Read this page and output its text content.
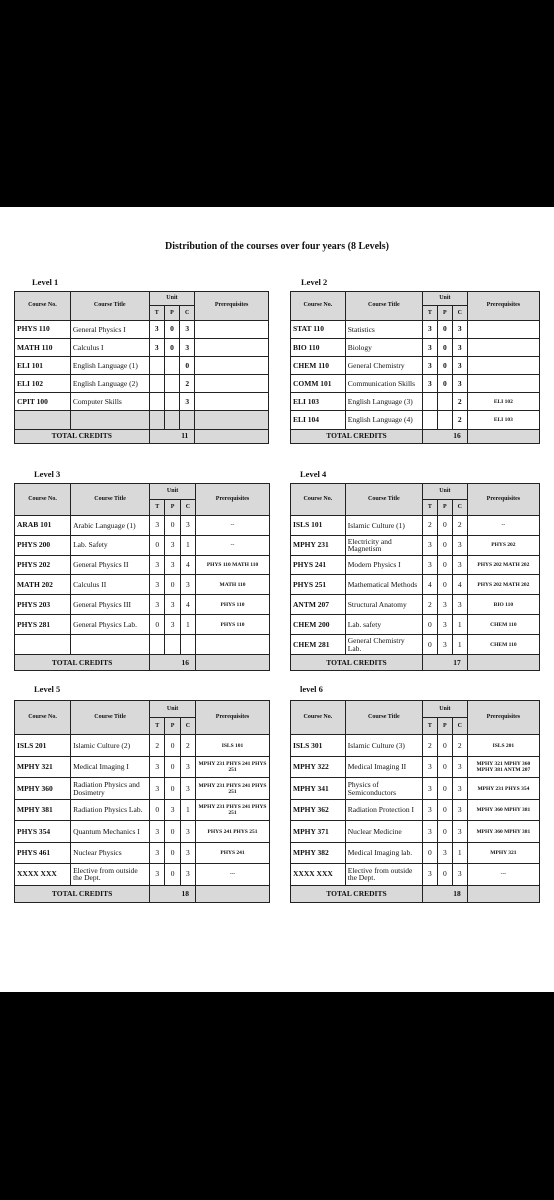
Distribution of the courses over four years (8 Levels)
Level 1
Course No.	Course Title	Unit			Prerequisites
		T	P	C	
PHYS 110	General Physics I	3	0	3	
MATH 110	Calculus I	3	0	3	
ELI 101	English Language (1)			0	
ELI 102	English Language (2)			2	
CPIT 100	Computer Skills			3	

TOTAL CREDITS		11			
Level 2
Course No.	Course Title	Unit			Prerequisites
		T	P	C	
STAT 110	Statistics	3	0	3	
BIO 110	Biology	3	0	3	
CHEM 110	General Chemistry	3	0	3	
COMM 101	Communication Skills	3	0	3	
ELI 103	English Language (3)			2	ELI 102
ELI 104	English Language (4)			2	ELI 103
TOTAL CREDITS		16			
Level 3
Course No.	Course Title	Unit			Prerequisites
		T	P	C	
ARAB 101	Arabic Language (1)	3	0	3	--
PHYS 200	Lab. Safety	0	3	1	--
PHYS 202	General Physics II	3	3	4	PHYS 110 MATH 110
MATH 202	Calculus II	3	0	3	MATH 110
PHYS 203	General Physics III	3	3	4	PHYS 110
PHYS 281	General Physics Lab.	0	3	1	PHYS 110

TOTAL CREDITS		16			
Level 4
Course No.	Course Title	Unit			Prerequisites
		T	P	C	
ISLS 101	Islamic Culture (1)	2	0	2	--
MPHY 231	Electricity and Magnetism	3	0	3	PHYS 202
PHYS 241	Modern Physics I	3	0	3	PHYS 202 MATH 202
PHYS 251	Mathematical Methods	4	0	4	PHYS 202 MATH 202
ANTM 207	Structural Anatomy	2	3	3	BIO 110
CHEM 200	Lab. safety	0	3	1	CHEM 110
CHEM 281	General Chemistry Lab.	0	3	1	CHEM 110
TOTAL CREDITS		17			
Level 5
Course No.	Course Title	Unit			Prerequisites
		T	P	C	
ISLS 201	Islamic Culture (2)	2	0	2	ISLS 101
MPHY 321	Medical Imaging I	3	0	3	MPHY 231 PHYS 241 PHYS 251
MPHY 360	Radiation Physics and Dosimetry	3	0	3	MPHY 231 PHYS 241 PHYS 251
MPHY 381	Radiation Physics Lab.	0	3	1	MPHY 231 PHYS 241 PHYS 251
PHYS 354	Quantum Mechanics I	3	0	3	PHYS 241 PHYS 251
PHYS 461	Nuclear Physics	3	0	3	PHYS 241
XXXX XXX	Elective from outside the Dept.	3	0	3	---
TOTAL CREDITS		18			
level 6
Course No.	Course Title	Unit			Prerequisites
		T	P	C	
ISLS 301	Islamic Culture (3)	2	0	2	ISLS 201
MPHY 322	Medical Imaging II	3	0	3	MPHY 321 MPHY 360 MPHY 381 ANTM 207
MPHY 341	Physics of Semiconductors	3	0	3	MPHY 231 PHYS 354
MPHY 362	Radiation Protection I	3	0	3	MPHY 360 MPHY 381
MPHY 371	Nuclear Medicine	3	0	3	MPHY 360 MPHY 381
MPHY 382	Medical Imaging lab.	0	3	1	MPHY 321
XXXX XXX	Elective from outside the Dept.	3	0	3	---
TOTAL CREDITS		18			
